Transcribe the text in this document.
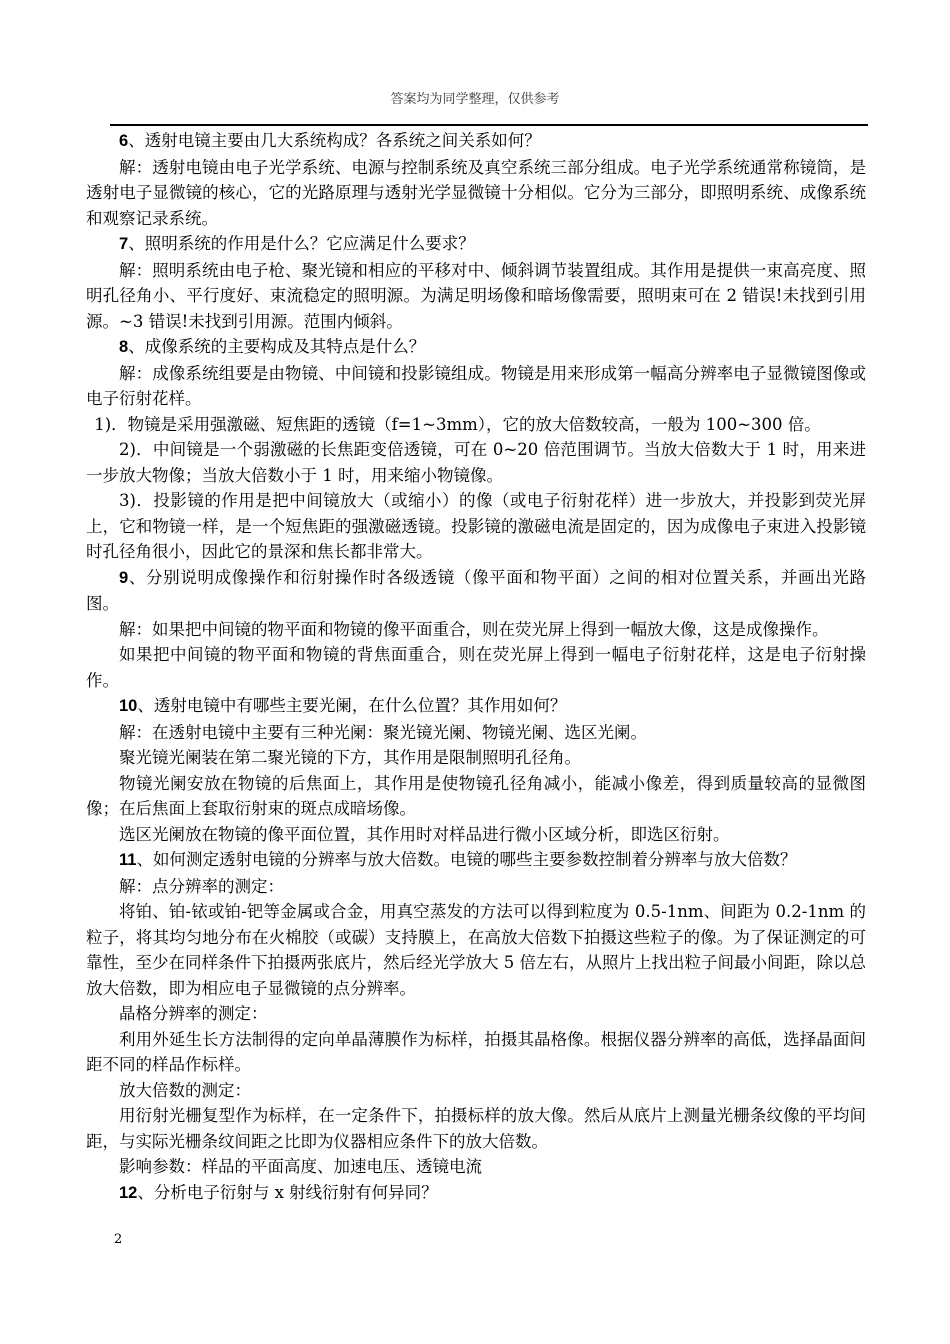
答案均为同学整理，仅供参考

6、透射电镜主要由几大系统构成？各系统之间关系如何？

解：透射电镜由电子光学系统、电源与控制系统及真空系统三部分组成。电子光学系统通常称镜筒，是透射电子显微镜的核心，它的光路原理与透射光学显微镜十分相似。它分为三部分，即照明系统、成像系统和观察记录系统。

7、照明系统的作用是什么？它应满足什么要求？

解：照明系统由电子枪、聚光镜和相应的平移对中、倾斜调节装置组成。其作用是提供一束高亮度、照明孔径角小、平行度好、束流稳定的照明源。为满足明场像和暗场像需要，照明束可在 2 错误!未找到引用源。~3 错误!未找到引用源。范围内倾斜。

8、成像系统的主要构成及其特点是什么？

解：成像系统组要是由物镜、中间镜和投影镜组成。物镜是用来形成第一幅高分辨率电子显微镜图像或电子衍射花样。

1)．物镜是采用强激磁、短焦距的透镜（f=1~3mm），它的放大倍数较高，一般为 100~300 倍。

2)．中间镜是一个弱激磁的长焦距变倍透镜，可在 0~20 倍范围调节。当放大倍数大于 1 时，用来进一步放大物像；当放大倍数小于 1 时，用来缩小物镜像。

3)．投影镜的作用是把中间镜放大（或缩小）的像（或电子衍射花样）进一步放大，并投影到荧光屏上，它和物镜一样，是一个短焦距的强激磁透镜。投影镜的激磁电流是固定的，因为成像电子束进入投影镜时孔径角很小，因此它的景深和焦长都非常大。

9、分别说明成像操作和衍射操作时各级透镜（像平面和物平面）之间的相对位置关系，并画出光路图。

解：如果把中间镜的物平面和物镜的像平面重合，则在荧光屏上得到一幅放大像，这是成像操作。

如果把中间镜的物平面和物镜的背焦面重合，则在荧光屏上得到一幅电子衍射花样，这是电子衍射操作。

10、透射电镜中有哪些主要光阑，在什么位置？其作用如何？

解：在透射电镜中主要有三种光阑：聚光镜光阑、物镜光阑、选区光阑。

聚光镜光阑装在第二聚光镜的下方，其作用是限制照明孔径角。

物镜光阑安放在物镜的后焦面上，其作用是使物镜孔径角减小，能减小像差，得到质量较高的显微图像；在后焦面上套取衍射束的斑点成暗场像。

选区光阑放在物镜的像平面位置，其作用时对样品进行微小区域分析，即选区衍射。

11、如何测定透射电镜的分辨率与放大倍数。电镜的哪些主要参数控制着分辨率与放大倍数？

解：点分辨率的测定：

将铂、铂-铱或铂-钯等金属或合金，用真空蒸发的方法可以得到粒度为 0.5-1nm、间距为 0.2-1nm 的粒子，将其均匀地分布在火棉胶（或碳）支持膜上，在高放大倍数下拍摄这些粒子的像。为了保证测定的可靠性，至少在同样条件下拍摄两张底片，然后经光学放大 5 倍左右，从照片上找出粒子间最小间距，除以总放大倍数，即为相应电子显微镜的点分辨率。

晶格分辨率的测定：

利用外延生长方法制得的定向单晶薄膜作为标样，拍摄其晶格像。根据仪器分辨率的高低，选择晶面间距不同的样品作标样。

放大倍数的测定：

用衍射光栅复型作为标样，在一定条件下，拍摄标样的放大像。然后从底片上测量光栅条纹像的平均间距，与实际光栅条纹间距之比即为仪器相应条件下的放大倍数。

影响参数：样品的平面高度、加速电压、透镜电流

12、分析电子衍射与 x 射线衍射有何异同？

2
